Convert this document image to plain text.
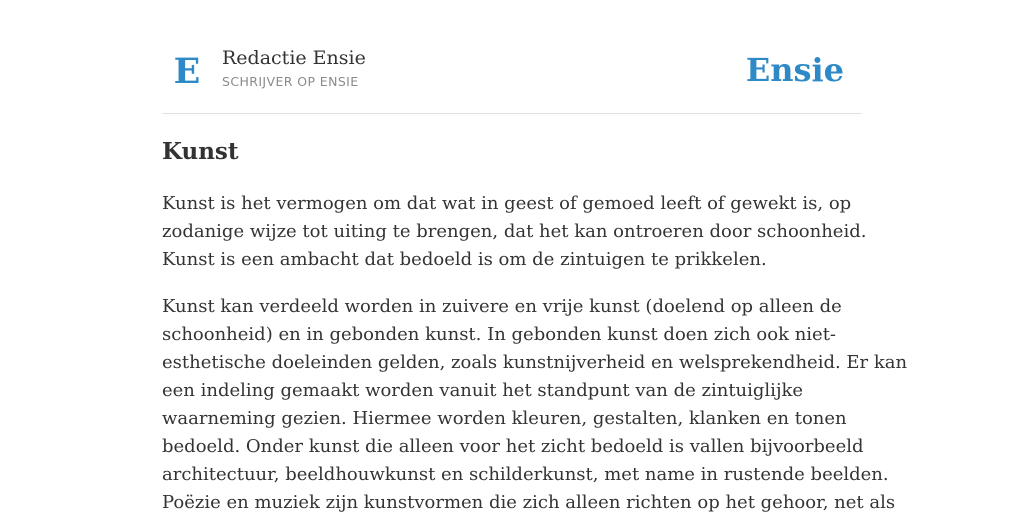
E Redactie Ensie
SCHRIJVER OP ENSIE	Ensie
Kunst

Kunst is het vermogen om dat wat in geest of gemoed leeft of gewekt is, op
zodanige wijze tot uiting te brengen, dat het kan ontroeren door schoonheid.
Kunst is een ambacht dat bedoeld is om de zintuigen te prikkelen.

Kunst kan verdeeld worden in zuivere en vrije kunst (doelend op alleen de
schoonheid) en in gebonden kunst. In gebonden kunst doen zich ook niet-
esthetische doeleinden gelden, zoals kunstnijverheid en welsprekendheid. Er kan
een indeling gemaakt worden vanuit het standpunt van de zintuiglijke
waarneming gezien. Hiermee worden kleuren, gestalten, klanken en tonen
bedoeld. Onder kunst die alleen voor het zicht bedoeld is vallen bijvoorbeeld
architectuur, beeldhouwkunst en schilderkunst, met name in rustende beelden.
Poëzie en muziek zijn kunstvormen die zich alleen richten op het gehoor, net als
